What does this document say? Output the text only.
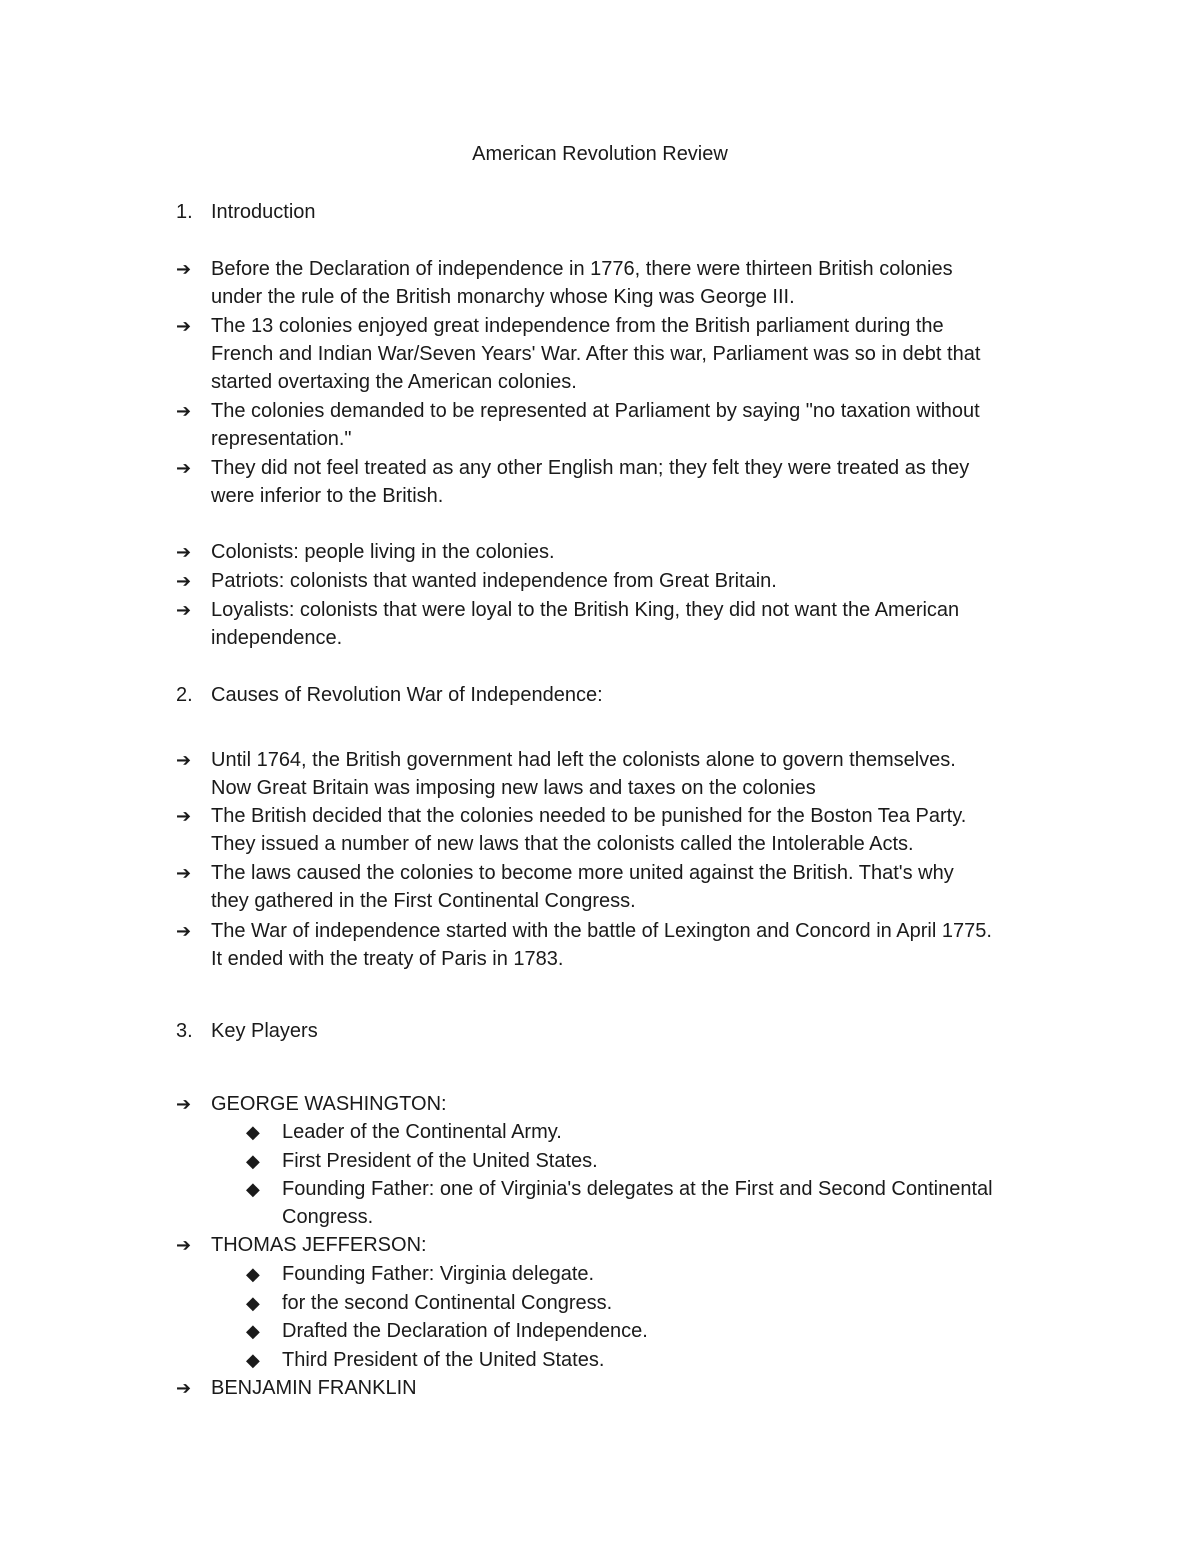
American Revolution Review
1. Introduction
➔ Before the Declaration of independence in 1776, there were thirteen British colonies
under the rule of the British monarchy whose King was George III.
➔ The 13 colonies enjoyed great independence from the British parliament during the
French and Indian War/Seven Years' War. After this war, Parliament was so in debt that
started overtaxing the American colonies.
➔ The colonies demanded to be represented at Parliament by saying "no taxation without
representation."
➔ They did not feel treated as any other English man; they felt they were treated as they
were inferior to the British.
➔ Colonists: people living in the colonies.
➔ Patriots: colonists that wanted independence from Great Britain.
➔ Loyalists: colonists that were loyal to the British King, they did not want the American
independence.
2. Causes of Revolution War of Independence:
➔ Until 1764, the British government had left the colonists alone to govern themselves.
Now Great Britain was imposing new laws and taxes on the colonies
➔ The British decided that the colonies needed to be punished for the Boston Tea Party.
They issued a number of new laws that the colonists called the Intolerable Acts.
➔ The laws caused the colonies to become more united against the British. That's why
they gathered in the First Continental Congress.
➔ The War of independence started with the battle of Lexington and Concord in April 1775.
It ended with the treaty of Paris in 1783.
3. Key Players
➔ GEORGE WASHINGTON:
◆	Leader of the Continental Army.
◆	First President of the United States.
◆	Founding Father: one of Virginia's delegates at the First and Second Continental
Congress.
➔ THOMAS JEFFERSON:
◆	Founding Father: Virginia delegate.
◆	for the second Continental Congress.
◆	Drafted the Declaration of Independence.
◆	Third President of the United States.
➔ BENJAMIN FRANKLIN
